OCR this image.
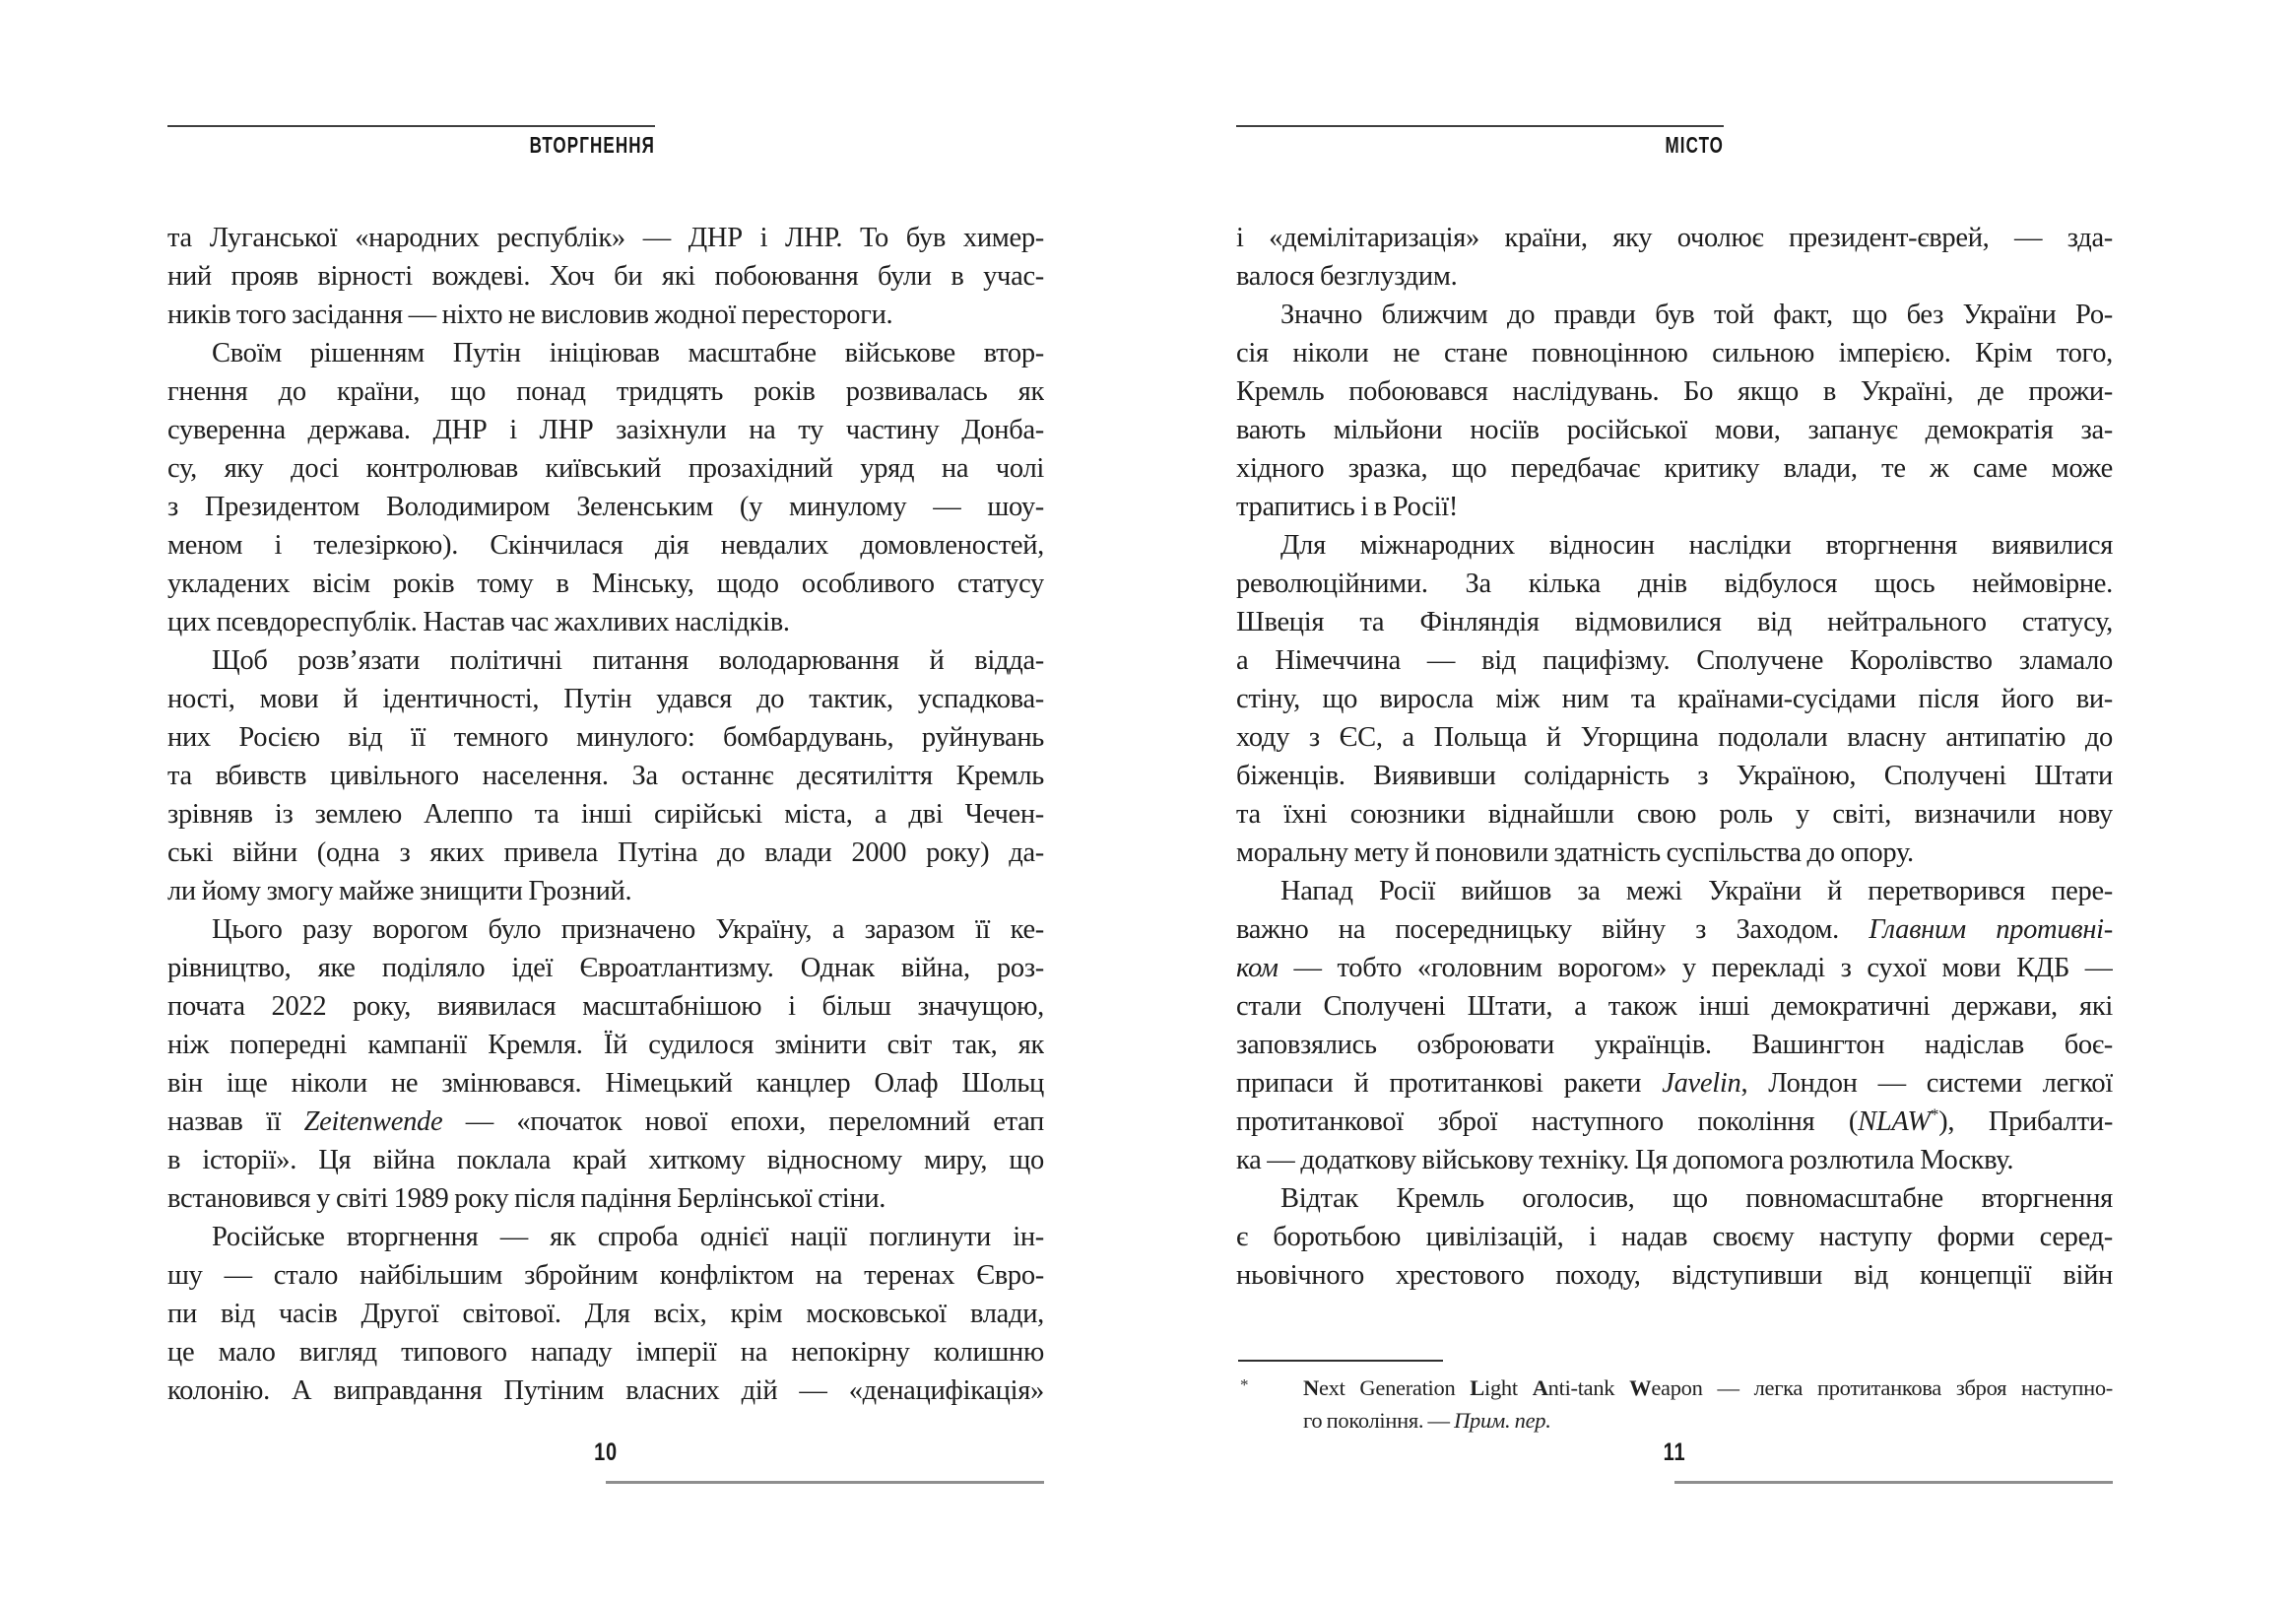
ВТОРГНЕННЯ
та Луганської «народних республік» — ДНР і ЛНР. То був химер-
ний прояв вірності вождеві. Хоч би які побоювання були в учас-
ників того засідання — ніхто не висловив жодної перестороги.
Своїм рішенням Путін ініціював масштабне військове втор-
гнення до країни, що понад тридцять років розвивалась як
суверенна держава. ДНР і ЛНР зазіхнули на ту частину Донба-
су, яку досі контролював київський прозахідний уряд на чолі
з Президентом Володимиром Зеленським (у минулому — шоу-
меном і телезіркою). Скінчилася дія невдалих домовленостей,
укладених вісім років тому в Мінську, щодо особливого статусу
цих псевдореспублік. Настав час жахливих наслідків.
Щоб розв’язати політичні питання володарювання й відда-
ності, мови й ідентичності, Путін удався до тактик, успадкова-
них Росією від її темного минулого: бомбардувань, руйнувань
та вбивств цивільного населення. За останнє десятиліття Кремль
зрівняв із землею Алеппо та інші сирійські міста, а дві Чечен-
ські війни (одна з яких привела Путіна до влади 2000 року) да-
ли йому змогу майже знищити Грозний.
Цього разу ворогом було призначено Україну, а заразом її ке-
рівництво, яке поділяло ідеї Євроатлантизму. Однак війна, роз-
почата 2022 року, виявилася масштабнішою і більш значущою,
ніж попередні кампанії Кремля. Їй судилося змінити світ так, як
він іще ніколи не змінювався. Німецький канцлер Олаф Шольц
назвав її Zeitenwende — «початок нової епохи, переломний етап
в історії». Ця війна поклала край хиткому відносному миру, що
встановився у світі 1989 року після падіння Берлінської стіни.
Російське вторгнення — як спроба однієї нації поглинути ін-
шу — стало найбільшим збройним конфліктом на теренах Євро-
пи від часів Другої світової. Для всіх, крім московської влади,
це мало вигляд типового нападу імперії на непокірну колишню
колонію. А виправдання Путіним власних дій — «денацифікація»
10
МІСТО
і «демілітаризація» країни, яку очолює президент-єврей, — зда-
валося безглуздим.
Значно ближчим до правди був той факт, що без України Ро-
сія ніколи не стане повноцінною сильною імперією. Крім того,
Кремль побоювався наслідувань. Бо якщо в Україні, де прожи-
вають мільйони носіїв російської мови, запанує демократія за-
хідного зразка, що передбачає критику влади, те ж саме може
трапитись і в Росії!
Для міжнародних відносин наслідки вторгнення виявилися
революційними. За кілька днів відбулося щось неймовірне.
Швеція та Фінляндія відмовилися від нейтрального статусу,
а Німеччина — від пацифізму. Сполучене Королівство зламало
стіну, що виросла між ним та країнами-сусідами після його ви-
ходу з ЄС, а Польща й Угорщина подолали власну антипатію до
біженців. Виявивши солідарність з Україною, Сполучені Штати
та їхні союзники віднайшли свою роль у світі, визначили нову
моральну мету й поновили здатність суспільства до опору.
Напад Росії вийшов за межі України й перетворився пере-
важно на посередницьку війну з Заходом. Главним противні-
ком — тобто «головним ворогом» у перекладі з сухої мови КДБ —
стали Сполучені Штати, а також інші демократичні держави, які
заповзялись озброювати українців. Вашингтон надіслав боє-
припаси й протитанкові ракети Javelin, Лондон — системи легкої
протитанкової зброї наступного покоління (NLAW*), Прибалти-
ка — додаткову військову техніку. Ця допомога розлютила Москву.
Відтак Кремль оголосив, що повномасштабне вторгнення
є боротьбою цивілізацій, і надав своєму наступу форми серед-
ньовічного хрестового походу, відступивши від концепції війн
* Next Generation Light Anti-tank Weapon — легка протитанкова зброя наступно-
го покоління. — Прим. пер.
11
